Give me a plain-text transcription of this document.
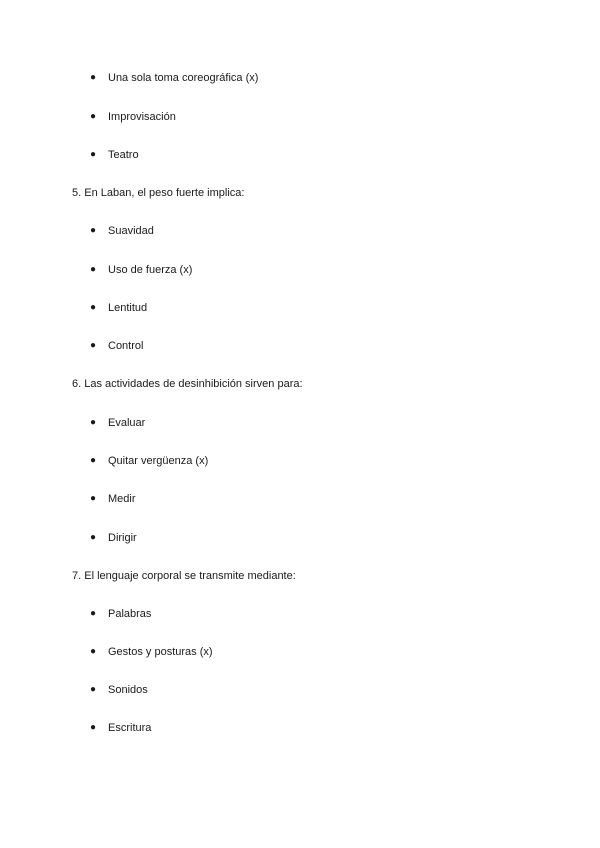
● Una sola toma coreográfica (x)
● Improvisación
● Teatro
5. En Laban, el peso fuerte implica:
● Suavidad
● Uso de fuerza (x)
● Lentitud
● Control
6. Las actividades de desinhibición sirven para:
● Evaluar
● Quitar vergüenza (x)
● Medir
● Dirigir
7. El lenguaje corporal se transmite mediante:
● Palabras
● Gestos y posturas (x)
● Sonidos
● Escritura
